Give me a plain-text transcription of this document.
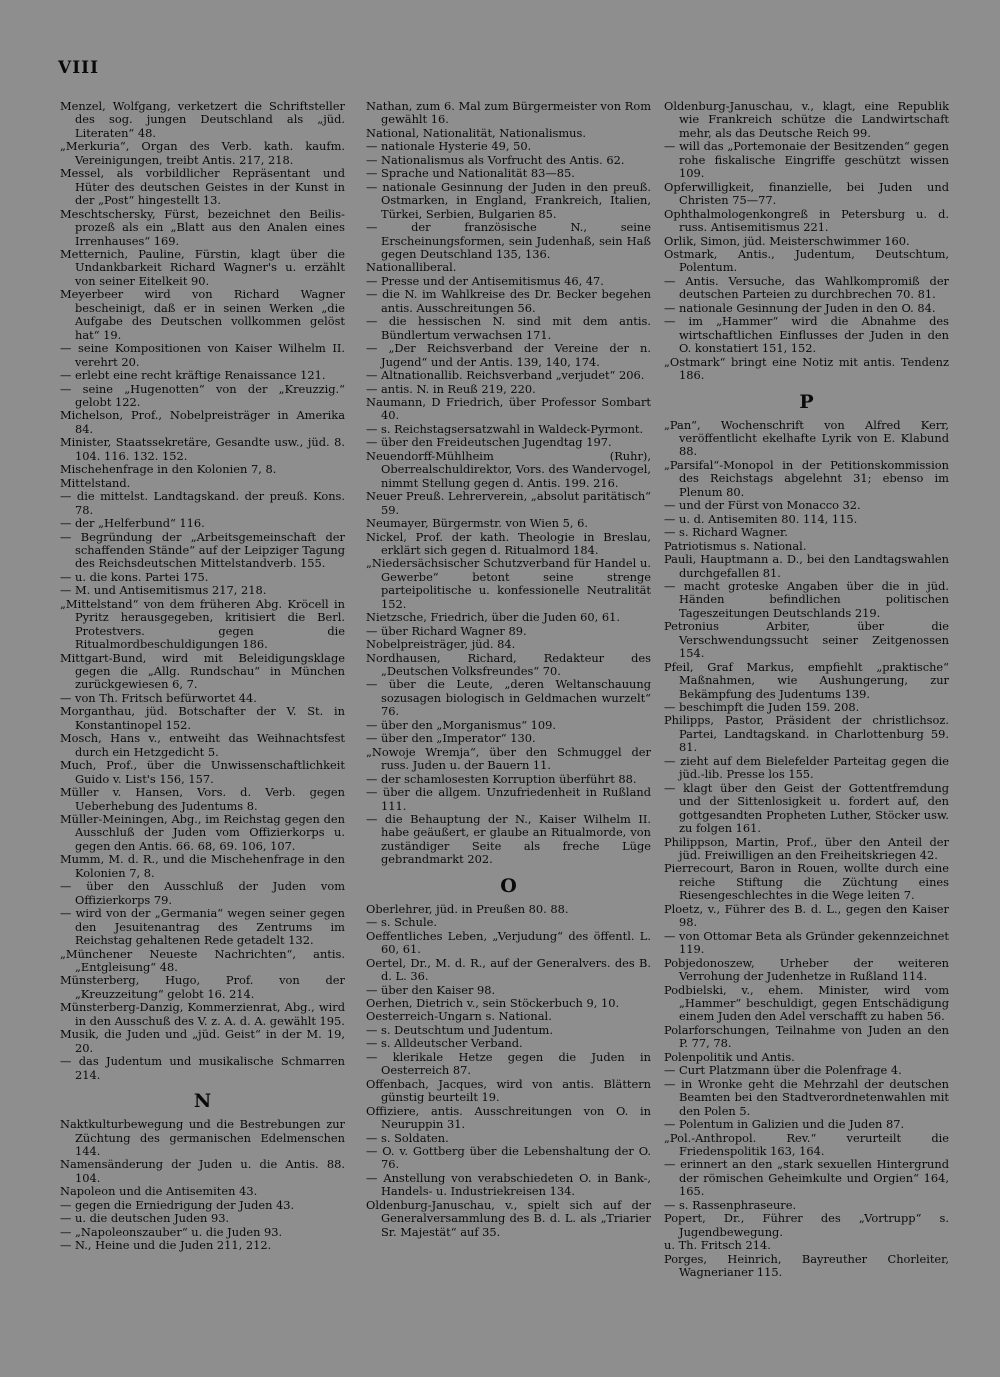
VIII

Menzel, Wolfgang, verketzert die Schriftsteller des sog. jungen Deutschland als „jüd. Literaten“ 48.

„Merkuria“, Organ des Verb. kath. kaufm. Vereinigungen, treibt Antis. 217, 218.

Messel, als vorbildlicher Repräsentant und Hüter des deutschen Geistes in der Kunst in der „Post“ hingestellt 13.

Meschtschersky, Fürst, bezeichnet den Beilis-prozeß als ein „Blatt aus den Analen eines Irrenhauses“ 169.

Metternich, Pauline, Fürstin, klagt über die Undankbarkeit Richard Wagner's u. erzählt von seiner Eitelkeit 90.

Meyerbeer wird von Richard Wagner bescheinigt, daß er in seinen Werken „die Aufgabe des Deutschen vollkommen gelöst hat“ 19.

— seine Kompositionen von Kaiser Wilhelm II. verehrt 20.

— erlebt eine recht kräftige Renaissance 121.

— seine „Hugenotten“ von der „Kreuzzig.“ gelobt 122.

Michelson, Prof., Nobelpreisträger in Amerika 84.

Minister, Staatssekretäre, Gesandte usw., jüd. 8. 104. 116. 132. 152.

Mischehenfrage in den Kolonien 7, 8.

Mittelstand.

— die mittelst. Landtagskand. der preuß. Kons. 78.

— der „Helferbund“ 116.

— Begründung der „Arbeitsgemeinschaft der schaffenden Stände“ auf der Leipziger Tagung des Reichsdeutschen Mittelstandverb. 155.

— u. die kons. Partei 175.

— M. und Antisemitismus 217, 218.

„Mittelstand“ von dem früheren Abg. Kröcell in Pyritz herausgegeben, kritisiert die Berl. Protestvers. gegen die Ritualmordbeschuldigungen 186.

Mittgart-Bund, wird mit Beleidigungsklage gegen die „Allg. Rundschau“ in München zurückgewiesen 6, 7.

— von Th. Fritsch befürwortet 44.

Morganthau, jüd. Botschafter der V. St. in Konstantinopel 152.

Mosch, Hans v., entweiht das Weihnachtsfest durch ein Hetzgedicht 5.

Much, Prof., über die Unwissenschaftlichkeit Guido v. List's 156, 157.

Müller v. Hansen, Vors. d. Verb. gegen Ueberhebung des Judentums 8.

Müller-Meiningen, Abg., im Reichstag gegen den Ausschluß der Juden vom Offizierkorps u. gegen den Antis. 66. 68, 69. 106, 107.

Mumm, M. d. R., und die Mischehenfrage in den Kolonien 7, 8.

— über den Ausschluß der Juden vom Offizierkorps 79.

— wird von der „Germania“ wegen seiner gegen den Jesuitenantrag des Zentrums im Reichstag gehaltenen Rede getadelt 132.

„Münchener Neueste Nachrichten“, antis. „Entgleisung“ 48.

Münsterberg, Hugo, Prof. von der „Kreuzzeitung“ gelobt 16. 214.

Münsterberg-Danzig, Kommerzienrat, Abg., wird in den Ausschuß des V. z. A. d. A. gewählt 195.

Musik, die Juden und „jüd. Geist“ in der M. 19, 20.

— das Judentum und musikalische Schmarren 214.

N

Naktkulturbewegung und die Bestrebungen zur Züchtung des germanischen Edelmenschen 144.

Namensänderung der Juden u. die Antis. 88. 104.

Napoleon und die Antisemiten 43.

— gegen die Erniedrigung der Juden 43.

— u. die deutschen Juden 93.

— „Napoleonszauber“ u. die Juden 93.

— N., Heine und die Juden 211, 212.

Nathan, zum 6. Mal zum Bürgermeister von Rom gewählt 16.

National, Nationalität, Nationalismus.

— nationale Hysterie 49, 50.

— Nationalismus als Vorfrucht des Antis. 62.

— Sprache und Nationalität 83—85.

— nationale Gesinnung der Juden in den preuß. Ostmarken, in England, Frankreich, Italien, Türkei, Serbien, Bulgarien 85.

— der französische N., seine Erscheinungsformen, sein Judenhaß, sein Haß gegen Deutschland 135, 136.

Nationalliberal.

— Presse und der Antisemitismus 46, 47.

— die N. im Wahlkreise des Dr. Becker begehen antis. Ausschreitungen 56.

— die hessischen N. sind mit dem antis. Bündlertum verwachsen 171.

— „Der Reichsverband der Vereine der n. Jugend“ und der Antis. 139, 140, 174.

— Altnationallib. Reichsverband „verjudet“ 206.

— antis. N. in Reuß 219, 220.

Naumann, D Friedrich, über Professor Sombart 40.

— s. Reichstagsersatzwahl in Waldeck-Pyrmont.

— über den Freideutschen Jugendtag 197.

Neuendorff-Mühlheim (Ruhr), Oberrealschuldirektor, Vors. des Wandervogel, nimmt Stellung gegen d. Antis. 199. 216.

Neuer Preuß. Lehrerverein, „absolut paritätisch“ 59.

Neumayer, Bürgermstr. von Wien 5, 6.

Nickel, Prof. der kath. Theologie in Breslau, erklärt sich gegen d. Ritualmord 184.

„Niedersächsischer Schutzverband für Handel u. Gewerbe“ betont seine strenge parteipolitische u. konfessionelle Neutralität 152.

Nietzsche, Friedrich, über die Juden 60, 61.

— über Richard Wagner 89.

Nobelpreisträger, jüd. 84.

Nordhausen, Richard, Redakteur des „Deutschen Volksfreundes“ 70.

— über die Leute, „deren Weltanschauung sozusagen biologisch in Geldmachen wurzelt“ 76.

— über den „Morganismus“ 109.

— über den „Imperator“ 130.

„Nowoje Wremja“, über den Schmuggel der russ. Juden u. der Bauern 11.

— der schamlosesten Korruption überführt 88.

— über die allgem. Unzufriedenheit in Rußland 111.

— die Behauptung der N., Kaiser Wilhelm II. habe geäußert, er glaube an Ritualmorde, von zuständiger Seite als freche Lüge gebrandmarkt 202.

O

Oberlehrer, jüd. in Preußen 80. 88.

— s. Schule.

Oeffentliches Leben, „Verjudung“ des öffentl. L. 60, 61.

Oertel, Dr., M. d. R., auf der Generalvers. des B. d. L. 36.

— über den Kaiser 98.

Oerhen, Dietrich v., sein Stöckerbuch 9, 10.

Oesterreich-Ungarn s. National.

— s. Deutschtum und Judentum.

— s. Alldeutscher Verband.

— klerikale Hetze gegen die Juden in Oesterreich 87.

Offenbach, Jacques, wird von antis. Blättern günstig beurteilt 19.

Offiziere, antis. Ausschreitungen von O. in Neuruppin 31.

— s. Soldaten.

— O. v. Gottberg über die Lebenshaltung der O. 76.

— Anstellung von verabschiedeten O. in Bank-, Handels- u. Industriekreisen 134.

Oldenburg-Januschau, v., spielt sich auf der Generalversammlung des B. d. L. als „Triarier Sr. Majestät“ auf 35.

Oldenburg-Januschau, v., klagt, eine Republik wie Frankreich schütze die Landwirtschaft mehr, als das Deutsche Reich 99.

— will das „Portemonaie der Besitzenden“ gegen rohe fiskalische Eingriffe geschützt wissen 109.

Opferwilligkeit, finanzielle, bei Juden und Christen 75—77.

Ophthalmologenkongreß in Petersburg u. d. russ. Antisemitismus 221.

Orlik, Simon, jüd. Meisterschwimmer 160.

Ostmark, Antis., Judentum, Deutschtum, Polentum.

— Antis. Versuche, das Wahlkompromiß der deutschen Parteien zu durchbrechen 70. 81.

— nationale Gesinnung der Juden in den O. 84.

— im „Hammer“ wird die Abnahme des wirtschaftlichen Einflusses der Juden in den O. konstatiert 151, 152.

„Ostmark“ bringt eine Notiz mit antis. Tendenz 186.

P

„Pan“, Wochenschrift von Alfred Kerr, veröffentlicht ekelhafte Lyrik von E. Klabund 88.

„Parsifal“-Monopol in der Petitionskommission des Reichstags abgelehnt 31; ebenso im Plenum 80.

— und der Fürst von Monacco 32.

— u. d. Antisemiten 80. 114, 115.

— s. Richard Wagner.

Patriotismus s. National.

Pauli, Hauptmann a. D., bei den Landtagswahlen durchgefallen 81.

— macht groteske Angaben über die in jüd. Händen befindlichen politischen Tageszeitungen Deutschlands 219.

Petronius Arbiter, über die Verschwendungssucht seiner Zeitgenossen 154.

Pfeil, Graf Markus, empfiehlt „praktische“ Maßnahmen, wie Aushungerung, zur Bekämpfung des Judentums 139.

— beschimpft die Juden 159. 208.

Philipps, Pastor, Präsident der christlichsoz. Partei, Landtagskand. in Charlottenburg 59. 81.

— zieht auf dem Bielefelder Parteitag gegen die jüd.-lib. Presse los 155.

— klagt über den Geist der Gottentfremdung und der Sittenlosigkeit u. fordert auf, den gottgesandten Propheten Luther, Stöcker usw. zu folgen 161.

Philippson, Martin, Prof., über den Anteil der jüd. Freiwilligen an den Freiheitskriegen 42.

Pierrecourt, Baron in Rouen, wollte durch eine reiche Stiftung die Züchtung eines Riesengeschlechtes in die Wege leiten 7.

Ploetz, v., Führer des B. d. L., gegen den Kaiser 98.

— von Ottomar Beta als Gründer gekennzeichnet 119.

Pobjedonoszew, Urheber der weiteren Verrohung der Judenhetze in Rußland 114.

Podbielski, v., ehem. Minister, wird vom „Hammer“ beschuldigt, gegen Entschädigung einem Juden den Adel verschafft zu haben 56.

Polarforschungen, Teilnahme von Juden an den P. 77, 78.

Polenpolitik und Antis.

— Curt Platzmann über die Polenfrage 4.

— in Wronke geht die Mehrzahl der deutschen Beamten bei den Stadtverordnetenwahlen mit den Polen 5.

— Polentum in Galizien und die Juden 87.

„Pol.-Anthropol. Rev.“ verurteilt die Friedenspolitik 163, 164.

— erinnert an den „stark sexuellen Hintergrund der römischen Geheimkulte und Orgien“ 164, 165.

— s. Rassenphraseure.

Popert, Dr., Führer des „Vortrupp“ s. Jugendbewegung.

u. Th. Fritsch 214.

Porges, Heinrich, Bayreuther Chorleiter, Wagnerianer 115.
